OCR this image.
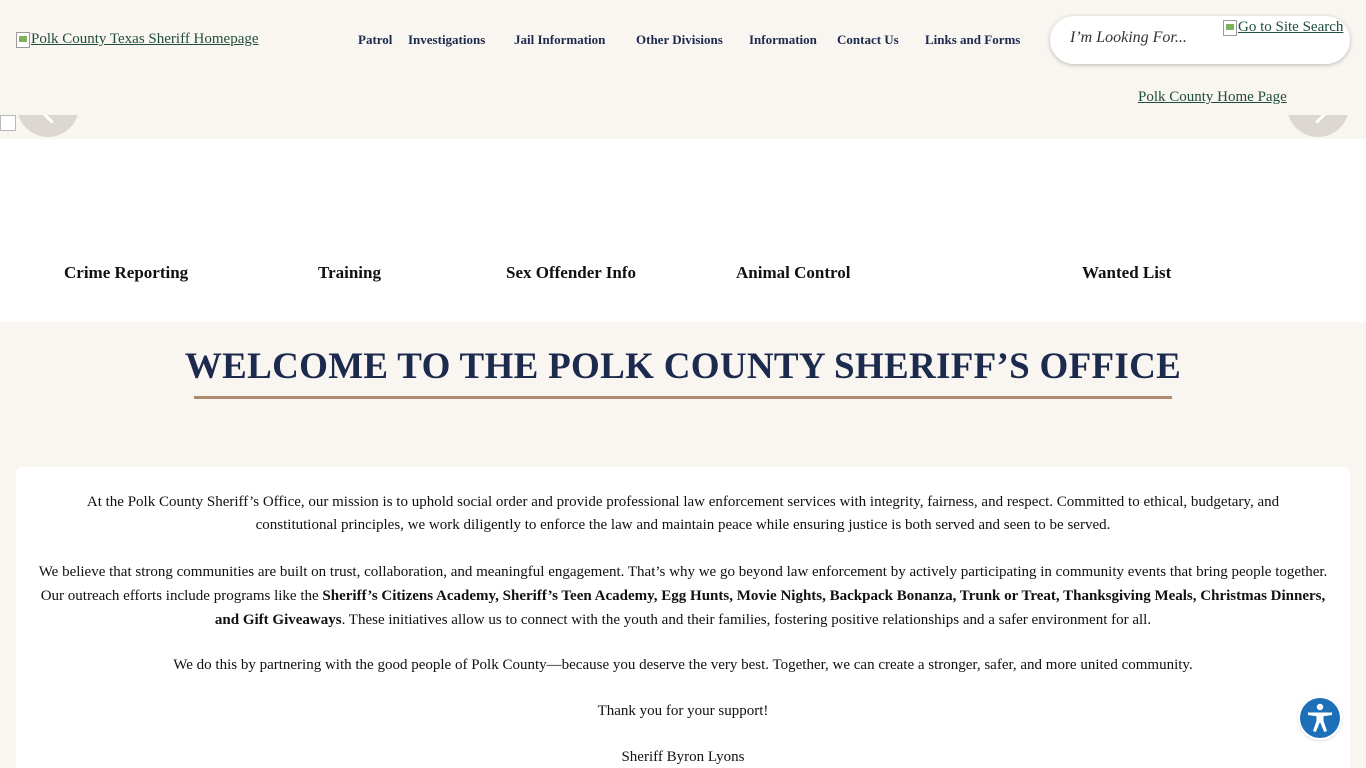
Polk County Texas Sheriff Homepage	Patrol Investigations Jail Information Other Divisions Information Contact Us Links and Forms
I’m Looking For...
Go to Site Search
Polk County Home Page
Crime Reporting	Training	Sex Offender Info	Animal Control	Wanted List
WELCOME TO THE POLK COUNTY SHERIFF’S OFFICE

At the Polk County Sheriff’s Office, our mission is to uphold social order and provide professional law enforcement services with integrity, fairness, and respect. Committed to ethical, budgetary, and constitutional principles, we work diligently to enforce the law and maintain peace while ensuring justice is both served and seen to be served.

We believe that strong communities are built on trust, collaboration, and meaningful engagement. That’s why we go beyond law enforcement by actively participating in community events that bring people together. Our outreach efforts include programs like the Sheriff’s Citizens Academy, Sheriff’s Teen Academy, Egg Hunts, Movie Nights, Backpack Bonanza, Trunk or Treat, Thanksgiving Meals, Christmas Dinners, and Gift Giveaways. These initiatives allow us to connect with the youth and their families, fostering positive relationships and a safer environment for all.

We do this by partnering with the good people of Polk County—because you deserve the very best. Together, we can create a stronger, safer, and more united community.

Thank you for your support!

Sheriff Byron Lyons
